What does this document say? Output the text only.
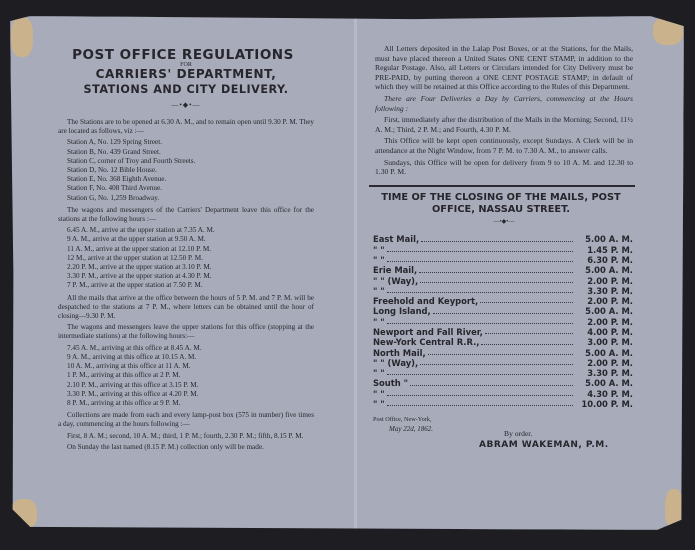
POST OFFICE REGULATIONS
FOR
CARRIERS' DEPARTMENT,
STATIONS AND CITY DELIVERY.
—•◆•—

The Stations are to be opened at 6.30 A. M., and to remain open until 9.30 P. M. They are located as follows, viz :—

Station A, No. 129 Spring Street.
Station B, No. 439 Grand Street.
Station C, corner of Troy and Fourth Streets.
Station D, No. 12 Bible House.
Station E, No. 368 Eighth Avenue.
Station F, No. 408 Third Avenue.
Station G, No. 1,259 Broadway.

The wagons and messengers of the Carriers' Department leave this office for the stations at the following hours :—

6.45 A. M., arrive at the upper station at 7.35 A. M.
9 A. M., arrive at the upper station at 9.50 A. M.
11 A. M., arrive at the upper station at 12.10 P. M.
12 M., arrive at the upper station at 12.50 P. M.
2.20 P. M., arrive at the upper station at 3.10 P. M.
3.30 P. M., arrive at the upper station at 4.30 P. M.
7 P. M., arrive at the upper station at 7.50 P. M.

All the mails that arrive at the office between the hours of 5 P. M. and 7 P. M. will be despatched to the stations at 7 P. M., where letters can be obtained until the hour of closing—9.30 P. M.

The wagons and messengers leave the upper stations for this office (stopping at the intermediate stations) at the following hours:—

7.45 A. M., arriving at this office at 8.45 A. M.
9 A. M., arriving at this office at 10.15 A. M.
10 A. M., arriving at this office at 11 A. M.
1 P. M., arriving at this office at 2 P. M.
2.10 P. M., arriving at this office at 3.15 P. M.
3.30 P. M., arriving at this office at 4.20 P. M.
8 P. M., arriving at this office at 9 P. M.

Collections are made from each and every lamp-post box (575 in number) five times a day, commencing at the hours following :—

First, 8 A. M.; second, 10 A. M.; third, 1 P. M.; fourth, 2.30 P. M.; fifth, 8.15 P. M.

On Sunday the last named (8.15 P. M.) collection only will be made.

All Letters deposited in the Lalap Post Boxes, or at the Stations, for the Mails, must have placed thereon a United States ONE CENT STAMP, in addition to the Regular Postage. Also, all Letters or Circulars intended for City Delivery must be PRE-PAID, by putting thereon a ONE CENT POSTAGE STAMP; in default of which they will be retained at this Office according to the Rules of this Department.

There are Four Deliveries a Day by Carriers, commencing at the Hours following :

First, immediately after the distribution of the Mails in the Morning; Second, 11½ A. M.; Third, 2 P. M.; and Fourth, 4.30 P. M.

This Office will be kept open continuously, except Sundays. A Clerk will be in attendance at the Night Window, from 7 P. M. to 7.30 A. M., to answer calls.

Sundays, this Office will be open for delivery from 9 to 10 A. M. and 12.30 to 1.30 P. M.

TIME OF THE CLOSING OF THE MAILS, POST OFFICE, NASSAU STREET.
—•◆•—
East Mail,	5.00 A. M.
" "	1.45 P. M.
" "	6.30 P. M.
Erie Mail,	5.00 A. M.
" " (Way),	2.00 P. M.
" "	3.30 P. M.
Freehold and Keyport,	2.00 P. M.
Long Island,	5.00 A. M.
" "	2.00 P. M.
Newport and Fall River,	4.00 P. M.
New-York Central R.R.,	3.00 P. M.
North Mail,	5.00 A. M.
" " (Way),	2.00 P. M.
" "	3.30 P. M.
South "	5.00 A. M.
" "	4.30 P. M.
" "	10.00 P. M.
Post Office, New-York,
May 22d, 1862.	By order.
ABRAM WAKEMAN, P.M.
